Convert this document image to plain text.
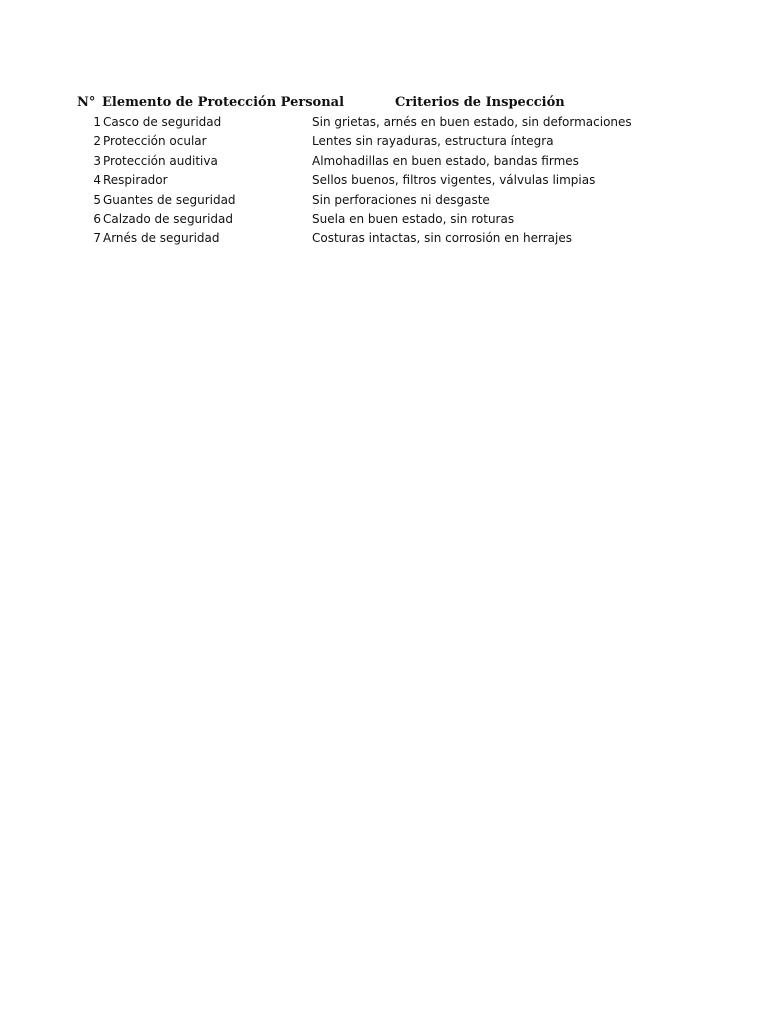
N° Elemento de Protección Personal	Criterios de Inspección
1 Casco de seguridad	Sin grietas, arnés en buen estado, sin deformaciones
2 Protección ocular	Lentes sin rayaduras, estructura íntegra
3 Protección auditiva	Almohadillas en buen estado, bandas firmes
4 Respirador	Sellos buenos, filtros vigentes, válvulas limpias
5 Guantes de seguridad	Sin perforaciones ni desgaste
6 Calzado de seguridad	Suela en buen estado, sin roturas
7 Arnés de seguridad	Costuras intactas, sin corrosión en herrajes
